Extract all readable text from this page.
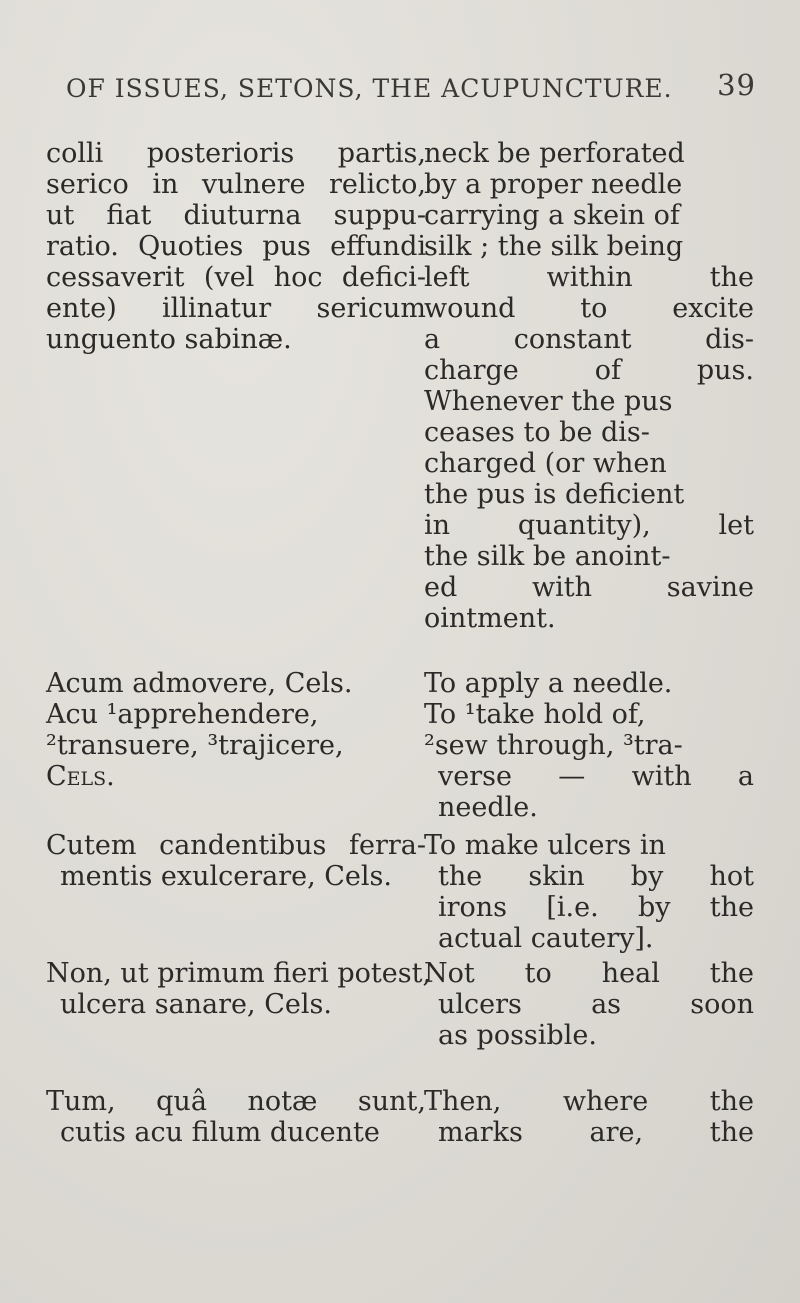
OF ISSUES, SETONS, THE ACUPUNCTURE. 39
colli posterioris partis,
serico in vulnere relicto,
ut fiat diuturna suppu-
ratio. Quoties pus effundi
cessaverit (vel hoc defici-
ente) illinatur sericum
unguento sabinæ.
neck be perforated
by a proper needle
carrying a skein of
silk ; the silk being
left within the
wound to excite
a constant dis-
charge of pus.
Whenever the pus
ceases to be dis-
charged (or when
the pus is deficient
in quantity), let
the silk be anoint-
ed with savine
ointment.
Acum admovere, Cels.
Acu ¹apprehendere,
²transuere, ³trajicere,
Cels.
To apply a needle.
To ¹take hold of,
²sew through, ³tra-
verse — with a
needle.
Cutem candentibus ferra-
mentis exulcerare, Cels.
To make ulcers in
the skin by hot
irons [i.e. by the
actual cautery].
Non, ut primum fieri potest,
ulcera sanare, Cels.
Not to heal the
ulcers as soon
as possible.
Tum, quâ notæ sunt,
cutis acu filum ducente
Then, where the
marks are, the
